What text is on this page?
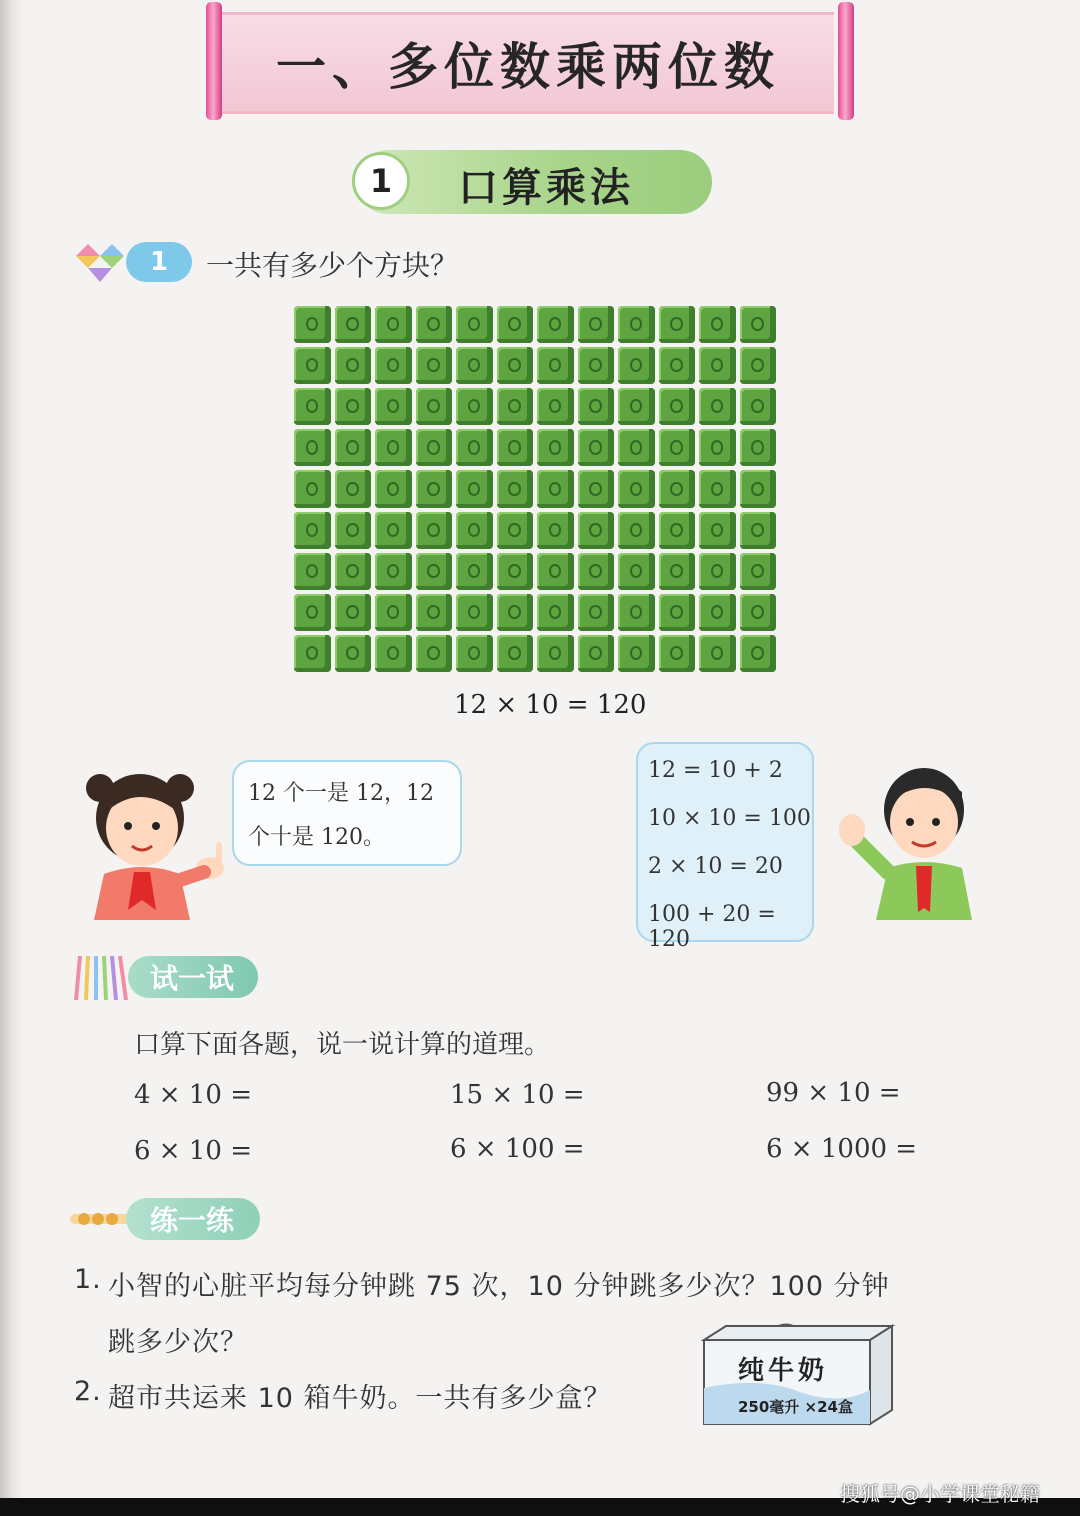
一、多位数乘两位数
1	口算乘法
1	一共有多少个方块？
12 × 10 = 120
12 个一是 12，12
个十是 120。
12 = 10 + 2
10 × 10 = 100
2 × 10 = 20
100 + 20 = 120
试一试
口算下面各题，说一说计算的道理。
4 × 10 =	15 × 10 =	99 × 10 =
6 × 10 =	6 × 100 =	6 × 1000 =
练一练
1. 小智的心脏平均每分钟跳 75 次，10 分钟跳多少次？100 分钟
跳多少次？
2. 超市共运来 10 箱牛奶。一共有多少盒？
纯牛奶
250毫升 ×24盒
搜狐号@小学课堂秘籍
